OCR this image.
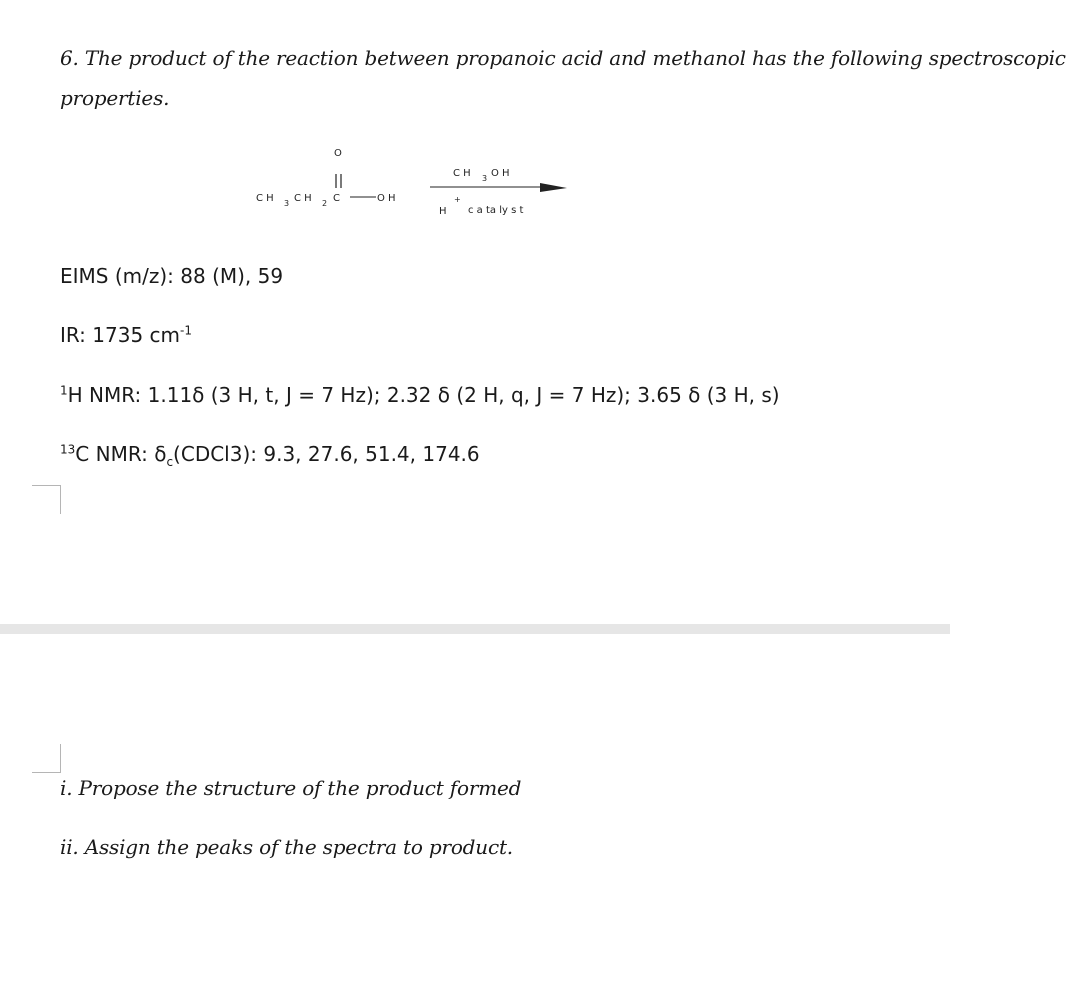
6. The product of the reaction between propanoic acid and methanol has the following spectroscopic
properties.
C H 3 C H 2 C
O
O H
C H 3 O H
H
+
c a ta ly s t
EIMS (m/z): 88 (M), 59
IR: 1735 $cm^{-1}$
$^1$H NMR: 1.11δ (3 H, t, J = 7 Hz); 2.32 δ (2 H, q, J = 7 Hz); 3.65 δ (3 H, s)
$^{13}$C NMR: $\delta_c(CDCl3)$: 9.3, 27.6, 51.4, 174.6
i. Propose the structure of the product formed
ii. Assign the peaks of the spectra to product.
